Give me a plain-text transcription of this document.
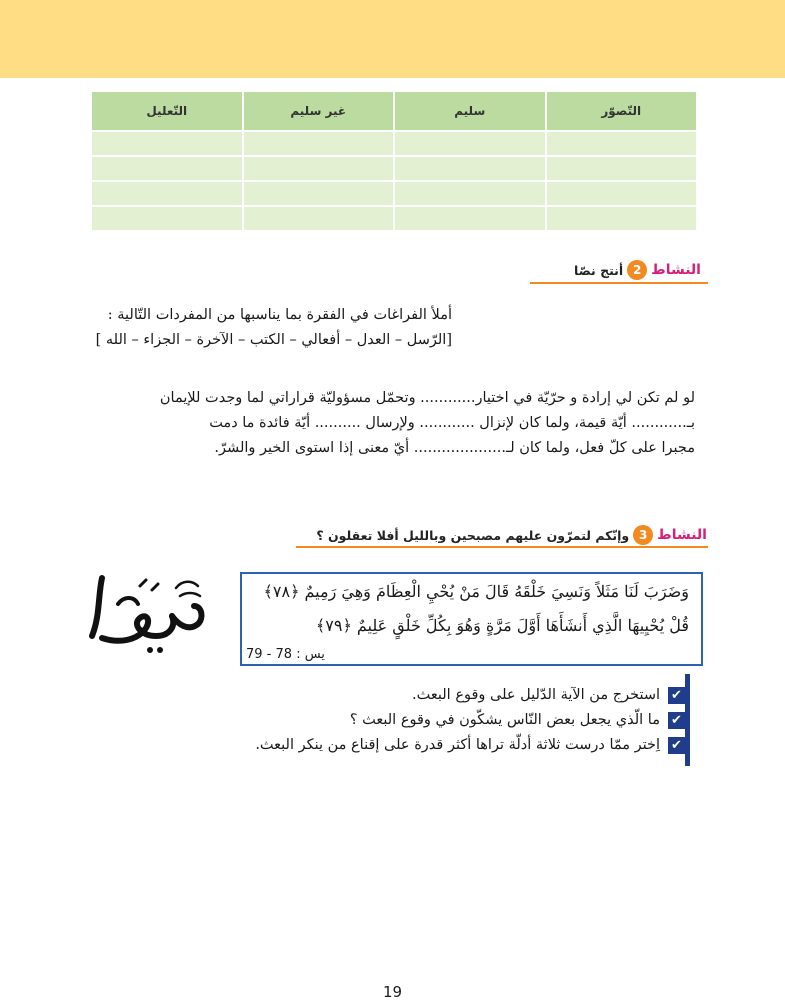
التّصوّر	سليم	غير سليم	التّعليل

النشاط
2
أنتج نصّا
أملأ الفراغات في الفقرة بما يناسبها من المفردات التّالية :
[الرّسل – العدل – أفعالي – الكتب – الآخرة – الجزاء – الله ]
لو لم تكن لي إرادة و حرّيّة في اختيار............ وتحمّل مسؤوليّة قراراتي لما وجدت للإيمان
بـ............ أيّة قيمة، ولما كان لإنزال ............ ولإرسال .......... أيّة فائدة ما دمت
مجبرا على كلّ فعل، ولما كان لـ.................... أيّ معنى إذا استوى الخير والشرّ.
النشاط
3
وإنّكم لتمرّون عليهم مصبحين وبالليل أفلا تعقلون ؟
وَضَرَبَ لَنَا مَثَلاً وَنَسِيَ خَلْقَهُ قَالَ مَنْ يُحْيِ الْعِظَامَ وَهِيَ رَمِيمٌ ﴿٧٨﴾
قُلْ يُحْيِيهَا الَّذِي أَنشَأَهَا أَوَّلَ مَرَّةٍ وَهُوَ بِكُلِّ خَلْقٍ عَلِيمٌ ﴿٧٩﴾
يس : 78 - 79
✔
استخرج من الآية الدّليل على وقوع البعث.
✔
ما الّذي يجعل بعض النّاس يشكّون في وقوع البعث ؟
✔
اِختر ممّا درست ثلاثة أدلّة تراها أكثر قدرة على إقناع من ينكر البعث.
19
